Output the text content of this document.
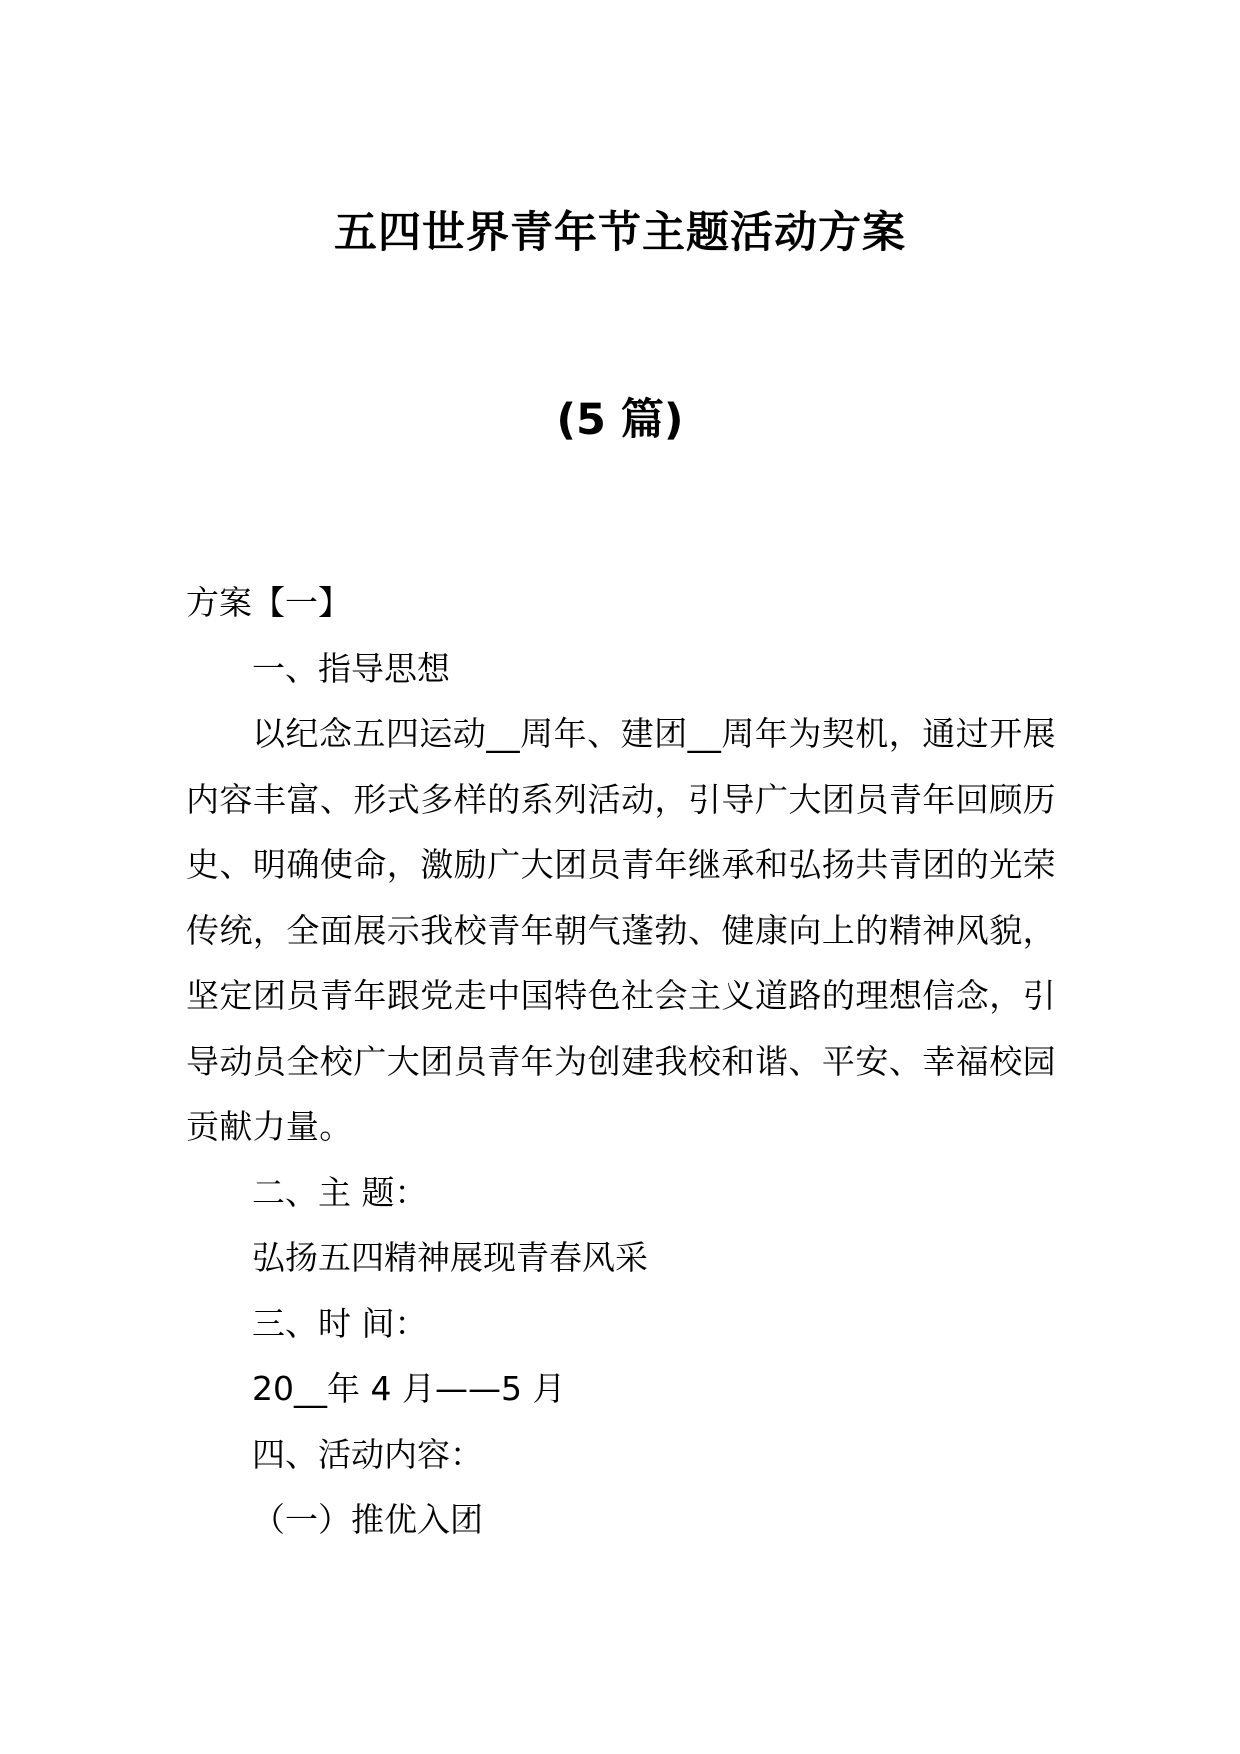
五四世界青年节主题活动方案
(5 篇)

方案【一】

一、指导思想

以纪念五四运动__周年、建团__周年为契机，通过开展内容丰富、形式多样的系列活动，引导广大团员青年回顾历史、明确使命，激励广大团员青年继承和弘扬共青团的光荣传统，全面展示我校青年朝气蓬勃、健康向上的精神风貌，坚定团员青年跟党走中国特色社会主义道路的理想信念，引导动员全校广大团员青年为创建我校和谐、平安、幸福校园贡献力量。

二、主 题：

弘扬五四精神展现青春风采

三、时 间：

20__年 4 月——5 月

四、活动内容：

（一）推优入团
